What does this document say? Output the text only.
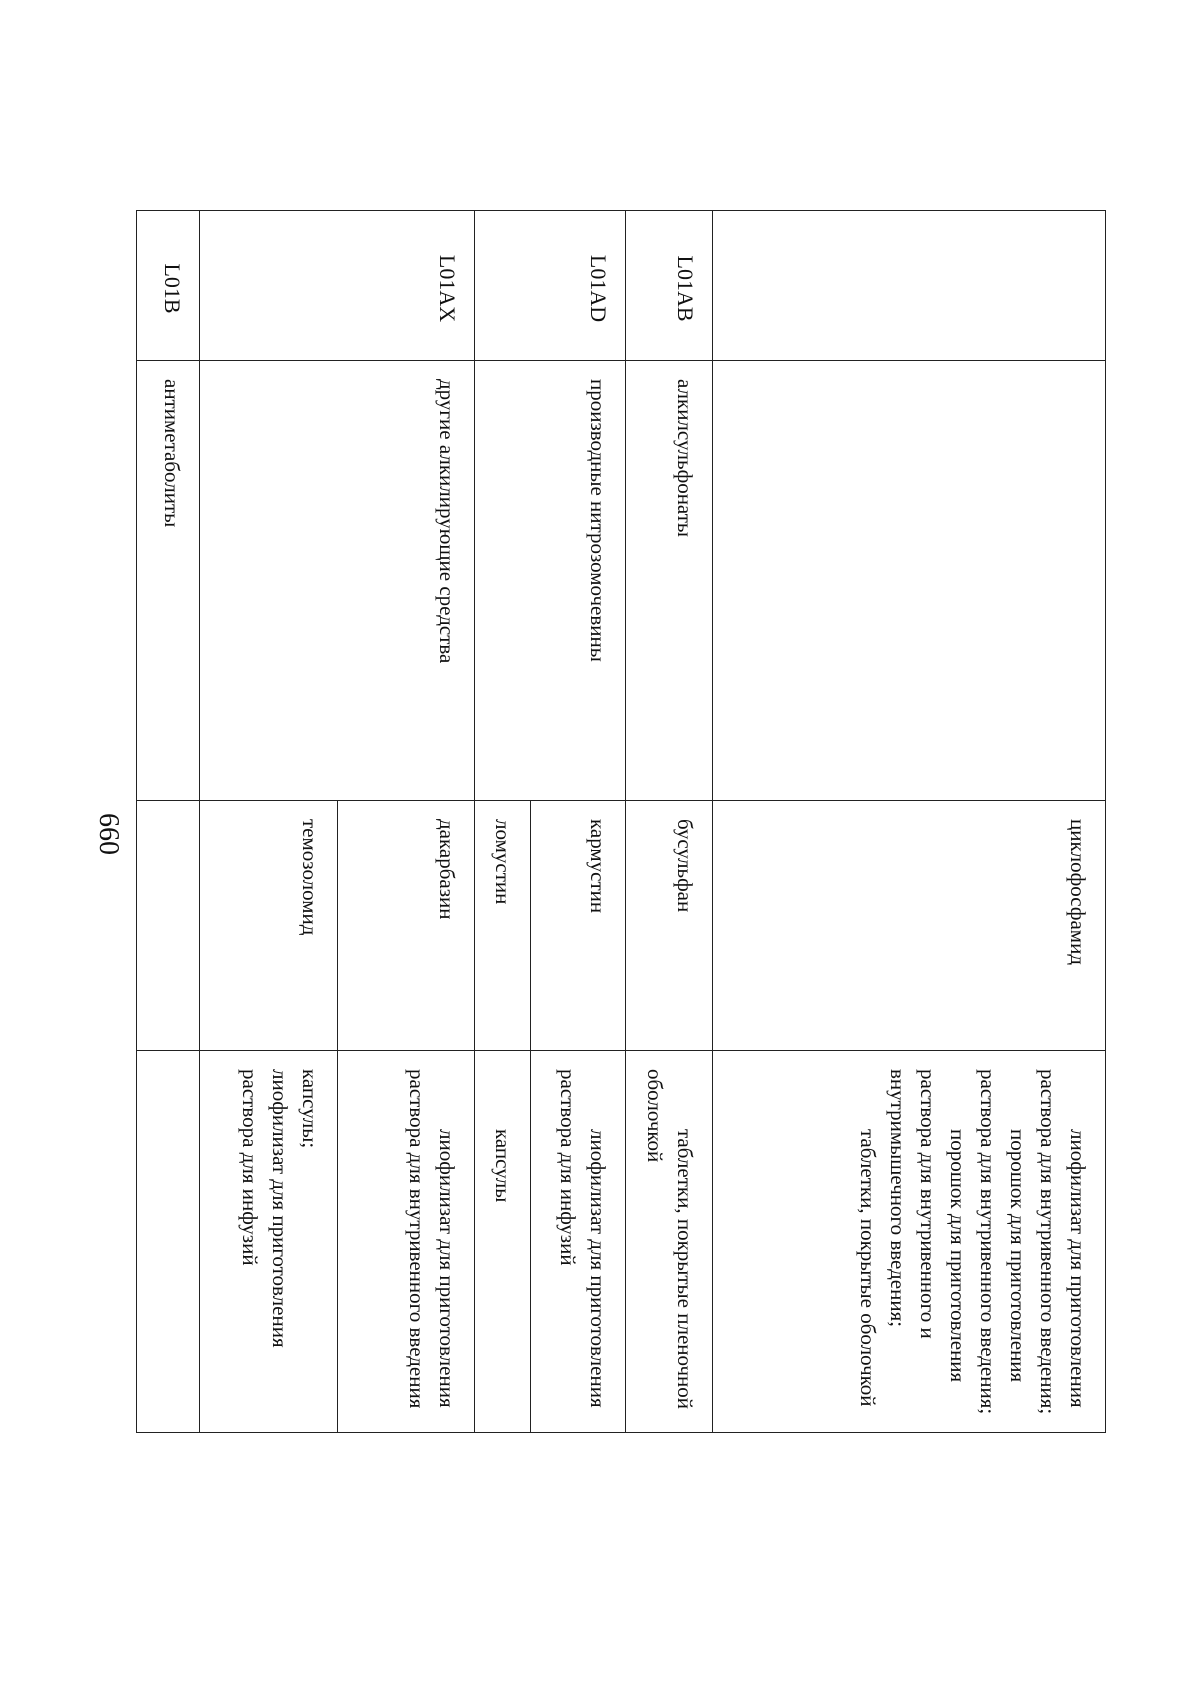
660
			циклофосфамид	лиофилизат для приготовления раствора для внутривенного введения;
порошок для приготовления раствора для внутривенного введения;
порошок для приготовления раствора для внутривенного и внутримышечного введения;
таблетки, покрытые оболочкой

L01AB	алкилсульфонаты	бусульфан	таблетки, покрытые пленочной оболочкой

L01AD	производные нитрозомочевины	кармустин	лиофилизат для приготовления раствора для инфузий

		ломустин	капсулы

L01AX	другие алкилирующие средства	дакарбазин	лиофилизат для приготовления раствора для внутривенного введения

		темозоломид	капсулы;
лиофилизат для приготовления раствора для инфузий

L01B	антиметаболиты		
